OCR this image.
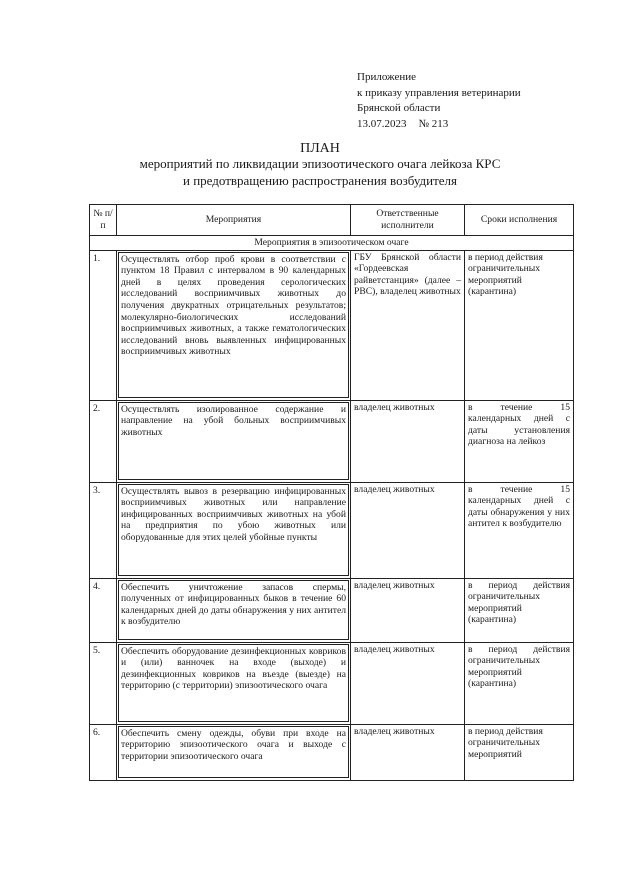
Приложение
к приказу управления ветеринарии
Брянской области
13.07.2023 № 213
ПЛАН
мероприятий по ликвидации эпизоотического очага лейкоза КРС
и предотвращению распространения возбудителя
№ п/п	Мероприятия	Ответственные исполнители	Сроки исполнения
Мероприятия в эпизоотическом очаге			
1.	Осуществлять отбор проб крови в соответствии с пунктом 18 Правил с интервалом в 90 календарных дней в целях проведения серологических исследований восприимчивых животных до получения двукратных отрицательных результатов; молекулярно-биологических исследований восприимчивых животных, а также гематологических исследований вновь выявленных инфицированных восприимчивых животных	ГБУ Брянской области «Гордеевская райветстанция» (далее – РВС), владелец животных	в период действия ограничительных мероприятий (карантина)
2.	Осуществлять изолированное содержание и направление на убой больных восприимчивых животных	владелец животных	в течение 15 календарных дней с даты установления диагноза на лейкоз
3.	Осуществлять вывоз в резервацию инфицированных восприимчивых животных или направление инфицированных восприимчивых животных на убой на предприятия по убою животных или оборудованные для этих целей убойные пункты	владелец животных	в течение 15 календарных дней с даты обнаружения у них антител к возбудителю
4.	Обеспечить уничтожение запасов спермы, полученных от инфицированных быков в течение 60 календарных дней до даты обнаружения у них антител к возбудителю	владелец животных	в период действия ограничительных мероприятий (карантина)
5.	Обеспечить оборудование дезинфекционных ковриков и (или) ванночек на входе (выходе) и дезинфекционных ковриков на въезде (выезде) на территорию (с территории) эпизоотического очага	владелец животных	в период действия ограничительных мероприятий (карантина)
6.	Обеспечить смену одежды, обуви при входе на территорию эпизоотического очага и выходе с территории эпизоотического очага	владелец животных	в период действия ограничительных мероприятий
